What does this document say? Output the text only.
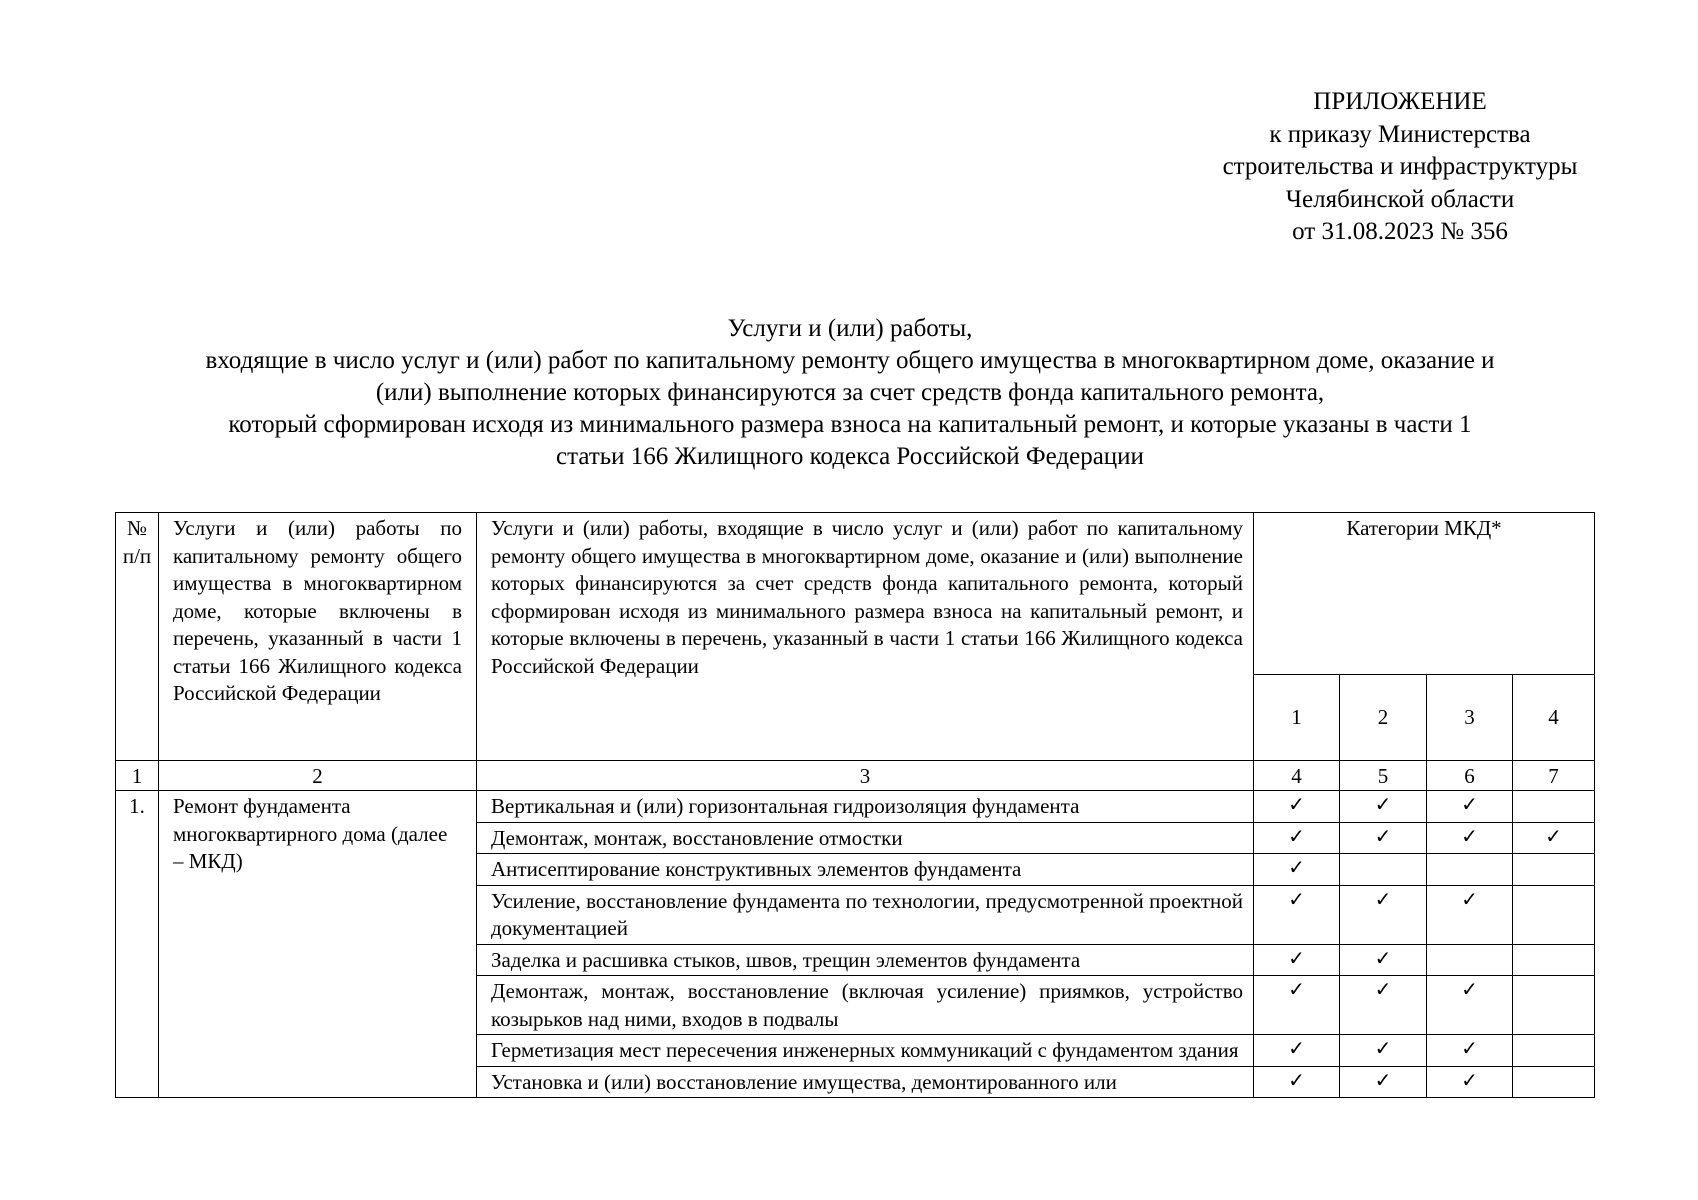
ПРИЛОЖЕНИЕ
к приказу Министерства
строительства и инфраструктуры
Челябинской области
от 31.08.2023 № 356
Услуги и (или) работы,
входящие в число услуг и (или) работ по капитальному ремонту общего имущества в многоквартирном доме, оказание и
(или) выполнение которых финансируются за счет средств фонда капитального ремонта,
который сформирован исходя из минимального размера взноса на капитальный ремонт, и которые указаны в части 1
статьи 166 Жилищного кодекса Российской Федерации
№ п/п	Услуги и (или) работы по капитальному ремонту общего имущества в многоквартирном доме, которые включены в перечень, указанный в части 1 статьи 166 Жилищного кодекса Российской Федерации	Услуги и (или) работы, входящие в число услуг и (или) работ по капитальному ремонту общего имущества в многоквартирном доме, оказание и (или) выполнение которых финансируются за счет средств фонда капитального ремонта, который сформирован исходя из минимального размера взноса на капитальный ремонт, и которые включены в перечень, указанный в части 1 статьи 166 Жилищного кодекса Российской Федерации	Категории МКД*			
			1	2	3	4
1	2	3	4	5	6	7
1.	Ремонт фундамента многоквартирного дома (далее – МКД)	Вертикальная и (или) горизонтальная гидроизоляция фундамента	✓	✓	✓	
		Демонтаж, монтаж, восстановление отмостки	✓	✓	✓	✓
		Антисептирование конструктивных элементов фундамента	✓			
		Усиление, восстановление фундамента по технологии, предусмотренной проектной документацией	✓	✓	✓	
		Заделка и расшивка стыков, швов, трещин элементов фундамента	✓	✓		
		Демонтаж, монтаж, восстановление (включая усиление) приямков, устройство козырьков над ними, входов в подвалы	✓	✓	✓	
		Герметизация мест пересечения инженерных коммуникаций с фундаментом здания	✓	✓	✓	
		Установка и (или) восстановление имущества, демонтированного или	✓	✓	✓	
